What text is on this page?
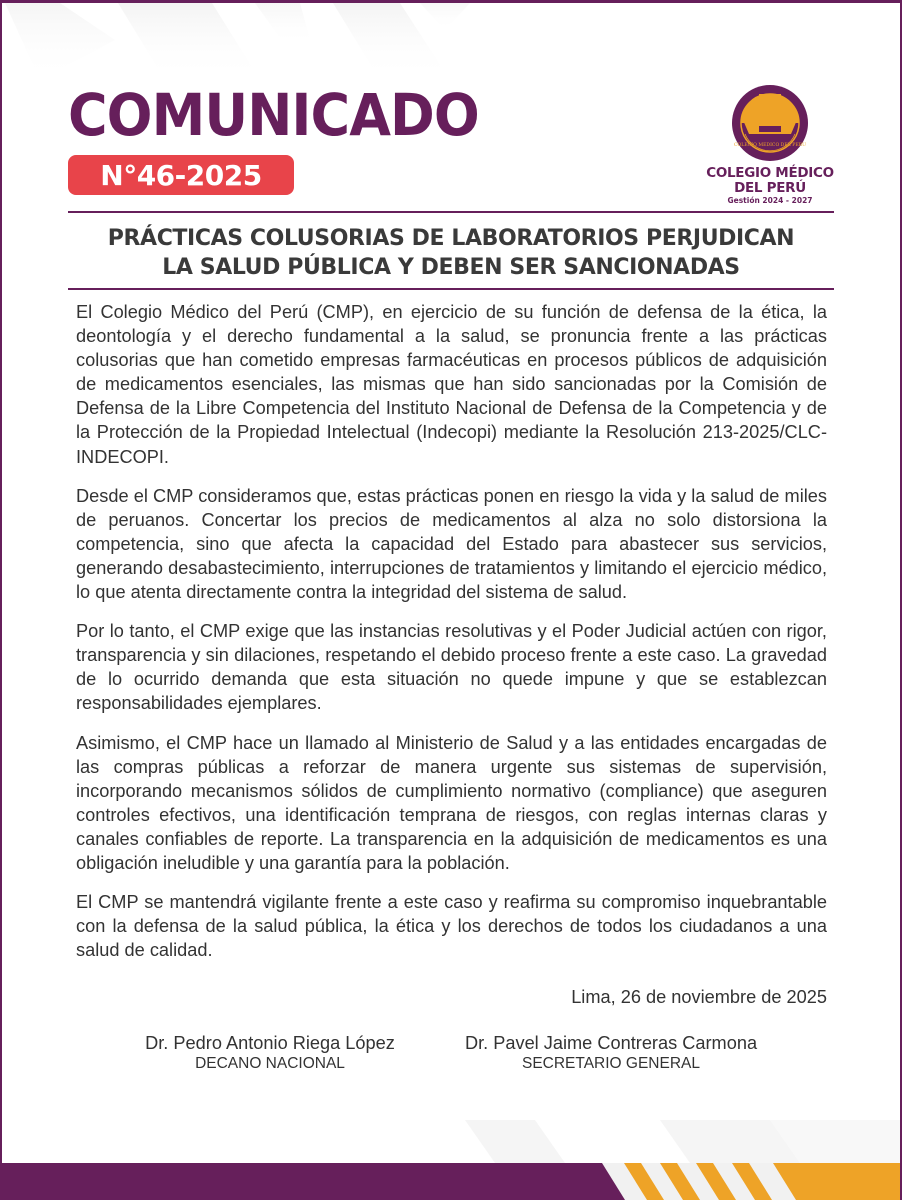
COMUNICADO
N°46-2025
COLEGIO MEDICO DEL PERU
COLEGIO MÉDICO
DEL PERÚ
Gestión 2024 - 2027
PRÁCTICAS COLUSORIAS DE LABORATORIOS PERJUDICAN
LA SALUD PÚBLICA Y DEBEN SER SANCIONADAS

El Colegio Médico del Perú (CMP), en ejercicio de su función de defensa de la ética, la deontología y el derecho fundamental a la salud, se pronuncia frente a las prácticas colusorias que han cometido empresas farmacéuticas en procesos públicos de adquisición de medicamentos esenciales, las mismas que han sido sancionadas por la Comisión de Defensa de la Libre Competencia del Instituto Nacional de Defensa de la Competencia y de la Protección de la Propiedad Intelectual (Indecopi) mediante la Resolución 213-2025/CLC-INDECOPI.

Desde el CMP consideramos que, estas prácticas ponen en riesgo la vida y la salud de miles de peruanos. Concertar los precios de medicamentos al alza no solo distorsiona la competencia, sino que afecta la capacidad del Estado para abastecer sus servicios, generando desabastecimiento, interrupciones de tratamientos y limitando el ejercicio médico, lo que atenta directamente contra la integridad del sistema de salud.

Por lo tanto, el CMP exige que las instancias resolutivas y el Poder Judicial actúen con rigor, transparencia y sin dilaciones, respetando el debido proceso frente a este caso. La gravedad de lo ocurrido demanda que esta situación no quede impune y que se establezcan responsabilidades ejemplares.

Asimismo, el CMP hace un llamado al Ministerio de Salud y a las entidades encargadas de las compras públicas a reforzar de manera urgente sus sistemas de supervisión, incorporando mecanismos sólidos de cumplimiento normativo (compliance) que aseguren controles efectivos, una identificación temprana de riesgos, con reglas internas claras y canales confiables de reporte. La transparencia en la adquisición de medicamentos es una obligación ineludible y una garantía para la población.

El CMP se mantendrá vigilante frente a este caso y reafirma su compromiso inquebrantable con la defensa de la salud pública, la ética y los derechos de todos los ciudadanos a una salud de calidad.

Lima, 26 de noviembre de 2025
Dr. Pedro Antonio Riega López
DECANO NACIONAL
Dr. Pavel Jaime Contreras Carmona
SECRETARIO GENERAL
